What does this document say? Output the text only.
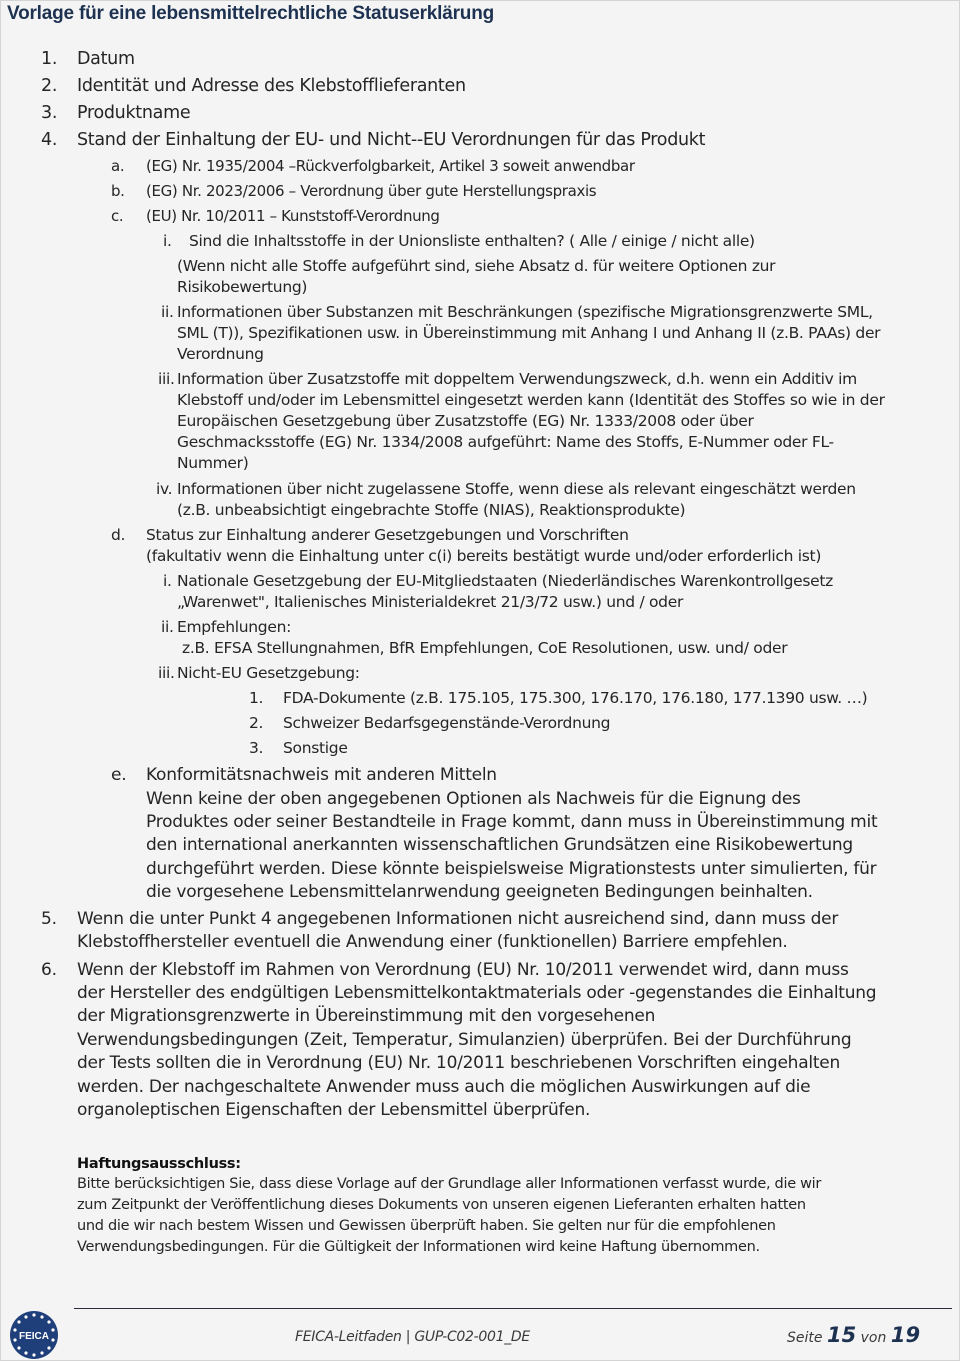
Vorlage für eine lebensmittelrechtliche Statuserklärung
1. Datum
2. Identität und Adresse des Klebstofflieferanten
3. Produktname
4. Stand der Einhaltung der EU- und Nicht--EU Verordnungen für das Produkt
a. (EG) Nr. 1935/2004 –Rückverfolgbarkeit, Artikel 3 soweit anwendbar
b. (EG) Nr. 2023/2006 – Verordnung über gute Herstellungspraxis
c. (EU) Nr. 10/2011 – Kunststoff-Verordnung
i. Sind die Inhaltsstoffe in der Unionsliste enthalten? ( Alle / einige / nicht alle)
(Wenn nicht alle Stoffe aufgeführt sind, siehe Absatz d. für weitere Optionen zur
Risikobewertung)
ii. Informationen über Substanzen mit Beschränkungen (spezifische Migrationsgrenzwerte SML,
SML (T)), Spezifikationen usw. in Übereinstimmung mit Anhang I und Anhang II (z.B. PAAs) der
Verordnung
iii. Information über Zusatzstoffe mit doppeltem Verwendungszweck, d.h. wenn ein Additiv im
Klebstoff und/oder im Lebensmittel eingesetzt werden kann (Identität des Stoffes so wie in der
Europäischen Gesetzgebung über Zusatzstoffe (EG) Nr. 1333/2008 oder über
Geschmacksstoffe (EG) Nr. 1334/2008 aufgeführt: Name des Stoffs, E-Nummer oder FL-
Nummer)
iv. Informationen über nicht zugelassene Stoffe, wenn diese als relevant eingeschätzt werden
(z.B. unbeabsichtigt eingebrachte Stoffe (NIAS), Reaktionsprodukte)
d. Status zur Einhaltung anderer Gesetzgebungen und Vorschriften
(fakultativ wenn die Einhaltung unter c(i) bereits bestätigt wurde und/oder erforderlich ist)
i. Nationale Gesetzgebung der EU-Mitgliedstaaten (Niederländisches Warenkontrollgesetz
„Warenwet", Italienisches Ministerialdekret 21/3/72 usw.) und / oder
ii. Empfehlungen:
z.B. EFSA Stellungnahmen, BfR Empfehlungen, CoE Resolutionen, usw. und/ oder
iii. Nicht-EU Gesetzgebung:
1. FDA-Dokumente (z.B. 175.105, 175.300, 176.170, 176.180, 177.1390 usw. …)
2. Schweizer Bedarfsgegenstände-Verordnung
3. Sonstige
e. Konformitätsnachweis mit anderen Mitteln
Wenn keine der oben angegebenen Optionen als Nachweis für die Eignung des
Produktes oder seiner Bestandteile in Frage kommt, dann muss in Übereinstimmung mit
den international anerkannten wissenschaftlichen Grundsätzen eine Risikobewertung
durchgeführt werden. Diese könnte beispielsweise Migrationstests unter simulierten, für
die vorgesehene Lebensmittelanrwendung geeigneten Bedingungen beinhalten.
5. Wenn die unter Punkt 4 angegebenen Informationen nicht ausreichend sind, dann muss der
Klebstoffhersteller eventuell die Anwendung einer (funktionellen) Barriere empfehlen.
6. Wenn der Klebstoff im Rahmen von Verordnung (EU) Nr. 10/2011 verwendet wird, dann muss
der Hersteller des endgültigen Lebensmittelkontaktmaterials oder -gegenstandes die Einhaltung
der Migrationsgrenzwerte in Übereinstimmung mit den vorgesehenen
Verwendungsbedingungen (Zeit, Temperatur, Simulanzien) überprüfen. Bei der Durchführung
der Tests sollten die in Verordnung (EU) Nr. 10/2011 beschriebenen Vorschriften eingehalten
werden. Der nachgeschaltete Anwender muss auch die möglichen Auswirkungen auf die
organoleptischen Eigenschaften der Lebensmittel überprüfen.
Haftungsausschluss:
Bitte berücksichtigen Sie, dass diese Vorlage auf der Grundlage aller Informationen verfasst wurde, die wir
zum Zeitpunkt der Veröffentlichung dieses Dokuments von unseren eigenen Lieferanten erhalten hatten
und die wir nach bestem Wissen und Gewissen überprüft haben. Sie gelten nur für die empfohlenen
Verwendungsbedingungen. Für die Gültigkeit der Informationen wird keine Haftung übernommen.
FEICA	FEICA-Leitfaden | GUP-C02-001_DE	Seite 15 von 19
